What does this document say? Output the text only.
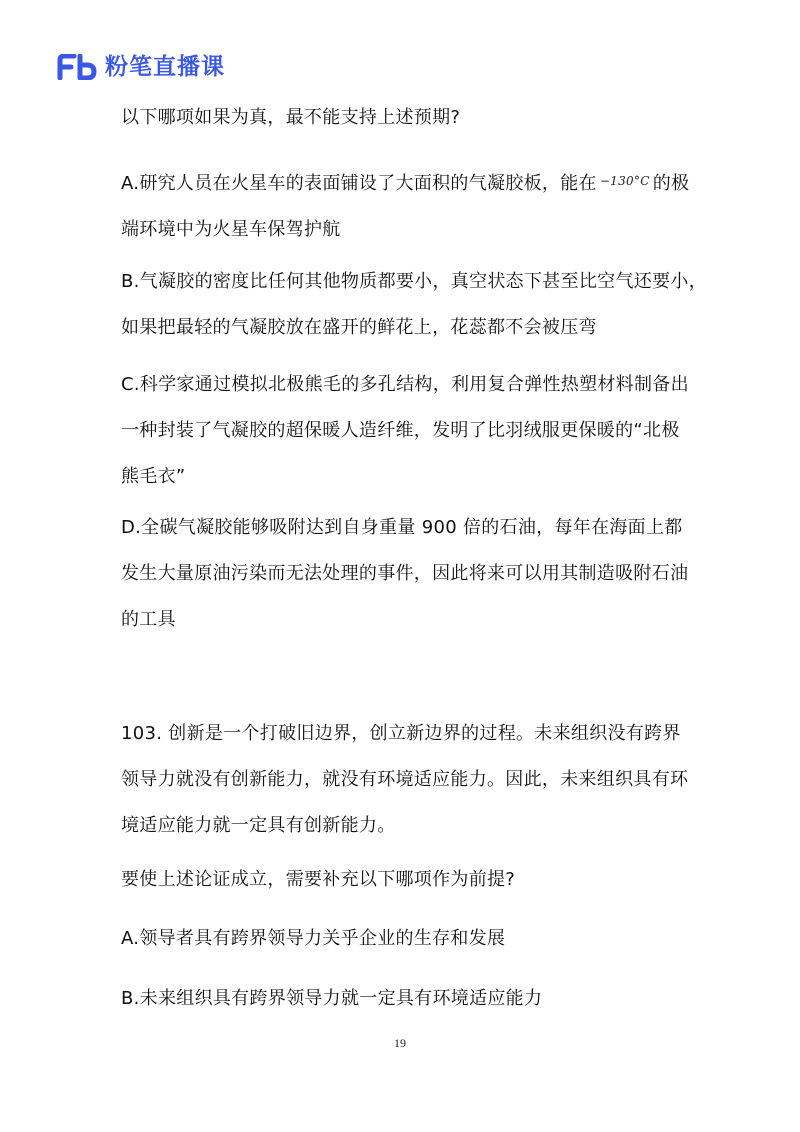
粉笔直播课

以下哪项如果为真，最不能支持上述预期?

A.研究人员在火星车的表面铺设了大面积的气凝胶板，能在 $^{-130^\circ C}$ 的极
端环境中为火星车保驾护航

B.气凝胶的密度比任何其他物质都要小，真空状态下甚至比空气还要小，
如果把最轻的气凝胶放在盛开的鲜花上，花蕊都不会被压弯

C.科学家通过模拟北极熊毛的多孔结构，利用复合弹性热塑材料制备出
一种封装了气凝胶的超保暖人造纤维，发明了比羽绒服更保暖的“北极
熊毛衣”

D.全碳气凝胶能够吸附达到自身重量 900 倍的石油，每年在海面上都
发生大量原油污染而无法处理的事件，因此将来可以用其制造吸附石油
的工具

103. 创新是一个打破旧边界，创立新边界的过程。未来组织没有跨界
领导力就没有创新能力，就没有环境适应能力。因此，未来组织具有环
境适应能力就一定具有创新能力。

要使上述论证成立，需要补充以下哪项作为前提?

A.领导者具有跨界领导力关乎企业的生存和发展

B.未来组织具有跨界领导力就一定具有环境适应能力

19
